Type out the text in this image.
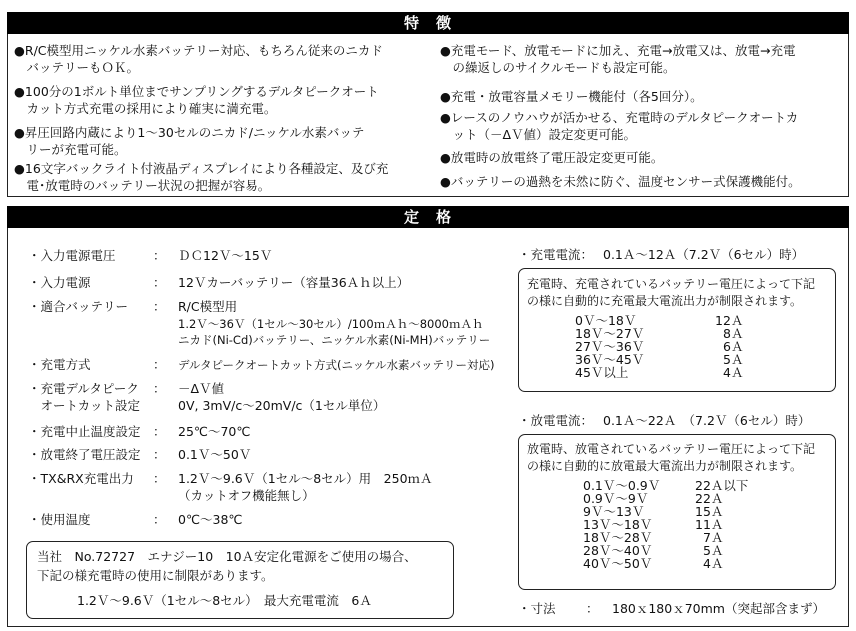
特　徴
●R/C模型用ニッケル水素バッテリー対応、もちろん従来のニカド
　バッテリーもＯＫ。
●100分の1ボルト単位までサンプリングするデルタピークオート
　カット方式充電の採用により確実に満充電。
●昇圧回路内蔵により1～30セルのニカド/ニッケル水素バッテ
　リーが充電可能。
●16文字バックライト付液晶ディスプレイにより各種設定、及び充
　電･放電時のバッテリー状況の把握が容易。
●充電モード、放電モードに加え、充電→放電又は、放電→充電
　の繰返しのサイクルモードも設定可能。
●充電・放電容量メモリー機能付（各5回分）。
●レースのノウハウが活かせる、充電時のデルタピークオートカ
　ット（－ΔＶ値）設定変更可能。
●放電時の放電終了電圧設定変更可能。
●バッテリーの過熱を未然に防ぐ、温度センサー式保護機能付。
定　格
・入力電源電圧	： ＤＣ12Ｖ～15Ｖ
・入力電源	： 12Ｖカーバッテリー（容量36Ａｈ以上）
・適合バッテリー ： R/C模型用
1.2Ｖ～36Ｖ（1セル～30セル）/100ｍＡｈ～8000ｍＡｈ
ニカド(Ni-Cd)バッテリー、ニッケル水素(Ni-MH)バッテリー
・充電方式	： デルタピークオートカット方式(ニッケル水素バッテリー対応)
・充電デルタピーク
　オートカット設定
： －ΔＶ値
0V, 3mV/c～20mV/c（1セル単位）
・充電中止温度設定 ： 25℃～70℃
・放電終了電圧設定 ： 0.1Ｖ～50Ｖ
・TX&RX充電出力 ： 1.2Ｖ～9.6Ｖ（1セル～8セル）用　250ｍＡ
（カットオフ機能無し）
・使用温度	： 0℃～38℃
当社　No.72727　エナジー10　10Ａ安定化電源をご使用の場合、
下記の様充電時の使用に制限があります。
1.2Ｖ～9.6Ｖ（1セル～8セル）　最大充電電流　6Ａ
・充電電流： 0.1Ａ～12Ａ（7.2Ｖ（6セル）時）
充電時、充電されているバッテリー電圧によって下記
の様に自動的に充電最大電流出力が制限されます。
0Ｖ～18Ｖ	12Ａ
18Ｖ～27Ｖ	8Ａ
27Ｖ～36Ｖ	6Ａ
36Ｖ～45Ｖ	5Ａ
45Ｖ以上	4Ａ
・放電電流： 0.1Ａ～22Ａ　（7.2Ｖ（6セル）時）
放電時、放電されているバッテリー電圧によって下記
の様に自動的に放電最大電流出力が制限されます。
0.1Ｖ～0.9Ｖ	22Ａ以下
0.9Ｖ～9Ｖ	22Ａ
9Ｖ～13Ｖ	15Ａ
13Ｖ～18Ｖ	11Ａ
18Ｖ～28Ｖ	7Ａ
28Ｖ～40Ｖ	5Ａ
40Ｖ～50Ｖ	4Ａ
・寸法 ： 180ｘ180ｘ70mm（突起部含まず）
